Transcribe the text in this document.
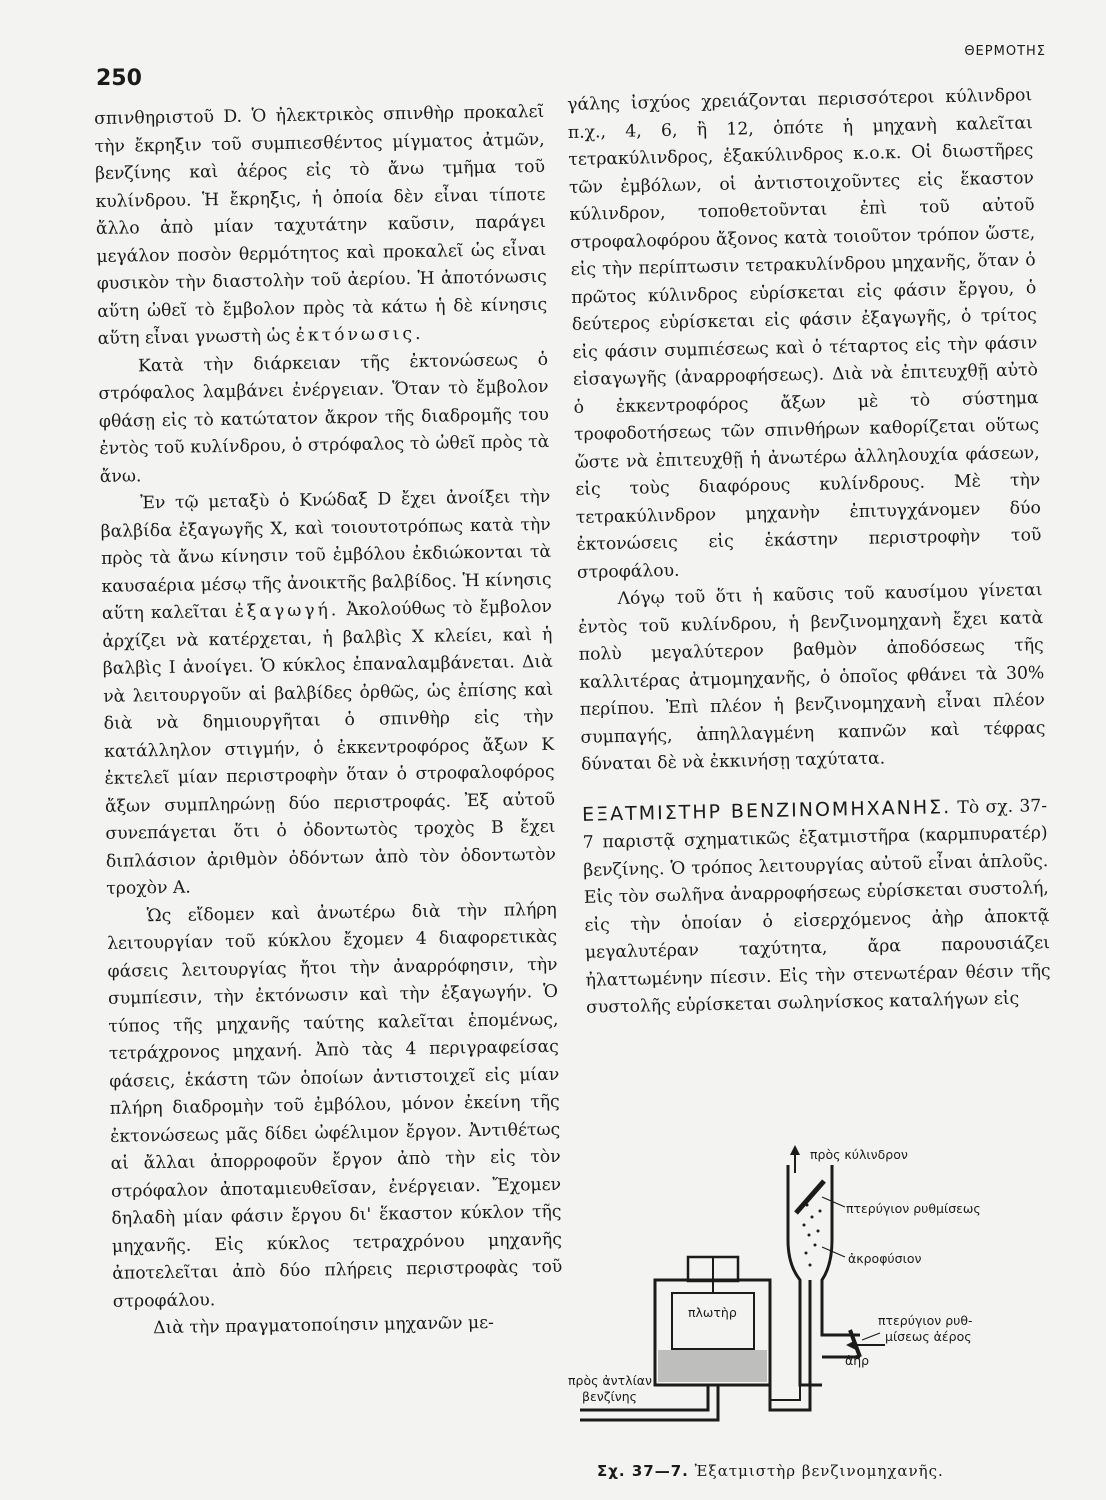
250
ΘΕΡΜΟΤΗΣ

σπινθηριστοῦ D. Ὁ ἠλεκτρικὸς σπινθὴρ προκαλεῖ τὴν ἔκρηξιν τοῦ συμπιεσθέντος μίγματος ἀτμῶν, βενζίνης καὶ ἀέρος εἰς τὸ ἄνω τμῆμα τοῦ κυλίνδρου. Ἡ ἔκρηξις, ἡ ὁποία δὲν εἶναι τίποτε ἄλλο ἀπὸ μίαν ταχυτάτην καῦσιν, παράγει μεγάλον ποσὸν θερμότητος καὶ προκαλεῖ ὡς εἶναι φυσικὸν τὴν διαστολὴν τοῦ ἀερίου. Ἡ ἀποτόνωσις αὕτη ὠθεῖ τὸ ἔμβολον πρὸς τὰ κάτω ἡ δὲ κίνησις αὕτη εἶναι γνωστὴ ὡς ἐκτόνωσις.

Κατὰ τὴν διάρκειαν τῆς ἐκτονώσεως ὁ στρόφαλος λαμβάνει ἐνέργειαν. Ὅταν τὸ ἔμβολον φθάσῃ εἰς τὸ κατώτατον ἄκρον τῆς διαδρομῆς του ἐντὸς τοῦ κυλίνδρου, ὁ στρόφαλος τὸ ὠθεῖ πρὸς τὰ ἄνω.

Ἐν τῷ μεταξὺ ὁ Κνώδαξ D ἔχει ἀνοίξει τὴν βαλβίδα ἐξαγωγῆς Χ, καὶ τοιουτοτρόπως κατὰ τὴν πρὸς τὰ ἄνω κίνησιν τοῦ ἐμβόλου ἐκδιώκονται τὰ καυσαέρια μέσῳ τῆς ἀνοικτῆς βαλβίδος. Ἡ κίνησις αὕτη καλεῖται ἐξαγωγή. Ἀκολούθως τὸ ἔμβολον ἀρχίζει νὰ κατέρχεται, ἡ βαλβὶς Χ κλείει, καὶ ἡ βαλβὶς Ι ἀνοίγει. Ὁ κύκλος ἐπαναλαμβάνεται. Διὰ νὰ λειτουργοῦν αἱ βαλβίδες ὀρθῶς, ὡς ἐπίσης καὶ διὰ νὰ δημιουργῆται ὁ σπινθὴρ εἰς τὴν κατάλληλον στιγμήν, ὁ ἐκκεντροφόρος ἄξων Κ ἐκτελεῖ μίαν περιστροφὴν ὅταν ὁ στροφαλοφόρος ἄξων συμπληρώνῃ δύο περιστροφάς. Ἐξ αὐτοῦ συνεπάγεται ὅτι ὁ ὀδοντωτὸς τροχὸς Β ἔχει διπλάσιον ἀριθμὸν ὀδόντων ἀπὸ τὸν ὀδοντωτὸν τροχὸν Α.

Ὡς εἴδομεν καὶ ἀνωτέρω διὰ τὴν πλήρη λειτουργίαν τοῦ κύκλου ἔχομεν 4 διαφορετικὰς φάσεις λειτουργίας ἤτοι τὴν ἀναρρόφησιν, τὴν συμπίεσιν, τὴν ἐκτόνωσιν καὶ τὴν ἐξαγωγήν. Ὁ τύπος τῆς μηχανῆς ταύτης καλεῖται ἑπομένως, τετράχρονος μηχανή. Ἀπὸ τὰς 4 περιγραφείσας φάσεις, ἑκάστη τῶν ὁποίων ἀντιστοιχεῖ εἰς μίαν πλήρη διαδρομὴν τοῦ ἐμβόλου, μόνον ἐκείνη τῆς ἐκτονώσεως μᾶς δίδει ὠφέλιμον ἔργον. Ἀντιθέτως αἱ ἄλλαι ἀπορροφοῦν ἔργον ἀπὸ τὴν εἰς τὸν στρόφαλον ἀποταμιευθεῖσαν, ἐνέργειαν. Ἔχομεν δηλαδὴ μίαν φάσιν ἔργου δι' ἕκαστον κύκλον τῆς μηχανῆς. Εἰς κύκλος τετραχρόνου μηχανῆς ἀποτελεῖται ἀπὸ δύο πλήρεις περιστροφὰς τοῦ στροφάλου.

Διὰ τὴν πραγματοποίησιν μηχανῶν με-

γάλης ἰσχύος χρειάζονται περισσότεροι κύλινδροι π.χ., 4, 6, ἢ 12, ὁπότε ἡ μηχανὴ καλεῖται τετρακύλινδρος, ἑξακύλινδρος κ.ο.κ. Οἱ διωστῆρες τῶν ἐμβόλων, οἱ ἀντιστοιχοῦντες εἰς ἕκαστον κύλινδρον, τοποθετοῦνται ἐπὶ τοῦ αὐτοῦ στροφαλοφόρου ἄξονος κατὰ τοιοῦτον τρόπον ὥστε, εἰς τὴν περίπτωσιν τετρακυλίνδρου μηχανῆς, ὅταν ὁ πρῶτος κύλινδρος εὑρίσκεται εἰς φάσιν ἔργου, ὁ δεύτερος εὑρίσκεται εἰς φάσιν ἐξαγωγῆς, ὁ τρίτος εἰς φάσιν συμπιέσεως καὶ ὁ τέταρτος εἰς τὴν φάσιν εἰσαγωγῆς (ἀναρροφήσεως). Διὰ νὰ ἐπιτευχθῇ αὐτὸ ὁ ἐκκεντροφόρος ἄξων μὲ τὸ σύστημα τροφοδοτήσεως τῶν σπινθήρων καθορίζεται οὕτως ὥστε νὰ ἐπιτευχθῇ ἡ ἀνωτέρω ἀλληλουχία φάσεων, εἰς τοὺς διαφόρους κυλίνδρους. Μὲ τὴν τετρακύλινδρον μηχανὴν ἐπιτυγχάνομεν δύο ἐκτονώσεις εἰς ἑκάστην περιστροφὴν τοῦ στροφάλου.

Λόγῳ τοῦ ὅτι ἡ καῦσις τοῦ καυσίμου γίνεται ἐντὸς τοῦ κυλίνδρου, ἡ βενζινομηχανὴ ἔχει κατὰ πολὺ μεγαλύτερον βαθμὸν ἀποδόσεως τῆς καλλιτέρας ἀτμομηχανῆς, ὁ ὁποῖος φθάνει τὰ 30% περίπου. Ἐπὶ πλέον ἡ βενζινομηχανὴ εἶναι πλέον συμπαγής, ἀπηλλαγμένη καπνῶν καὶ τέφρας δύναται δὲ νὰ ἐκκινήσῃ ταχύτατα.

ΕΞΑΤΜΙΣΤΗΡ ΒΕΝΖΙΝΟΜΗΧΑΝΗΣ. Τὸ σχ. 37-7 παριστᾷ σχηματικῶς ἐξατμιστῆρα (καρμπυρατέρ) βενζίνης. Ὁ τρόπος λειτουργίας αὐτοῦ εἶναι ἁπλοῦς. Εἰς τὸν σωλῆνα ἀναρροφήσεως εὑρίσκεται συστολή, εἰς τὴν ὁποίαν ὁ εἰσερχόμενος ἀὴρ ἀποκτᾷ μεγαλυτέραν ταχύτητα, ἄρα παρουσιάζει ἠλαττωμένην πίεσιν. Εἰς τὴν στενωτέραν θέσιν τῆς συστολῆς εὑρίσκεται σωληνίσκος καταλήγων εἰς

πρὸς κύλινδρον
πτερύγιον ρυθμίσεως
ἀκροφύσιον
πτερύγιον ρυθ-
μίσεως ἀέρος
πλωτὴρ
ἀὴρ
πρὸς ἀντλίαν
βενζίνης
Σχ. 37—7. Ἐξατμιστὴρ βενζινομηχανῆς.
